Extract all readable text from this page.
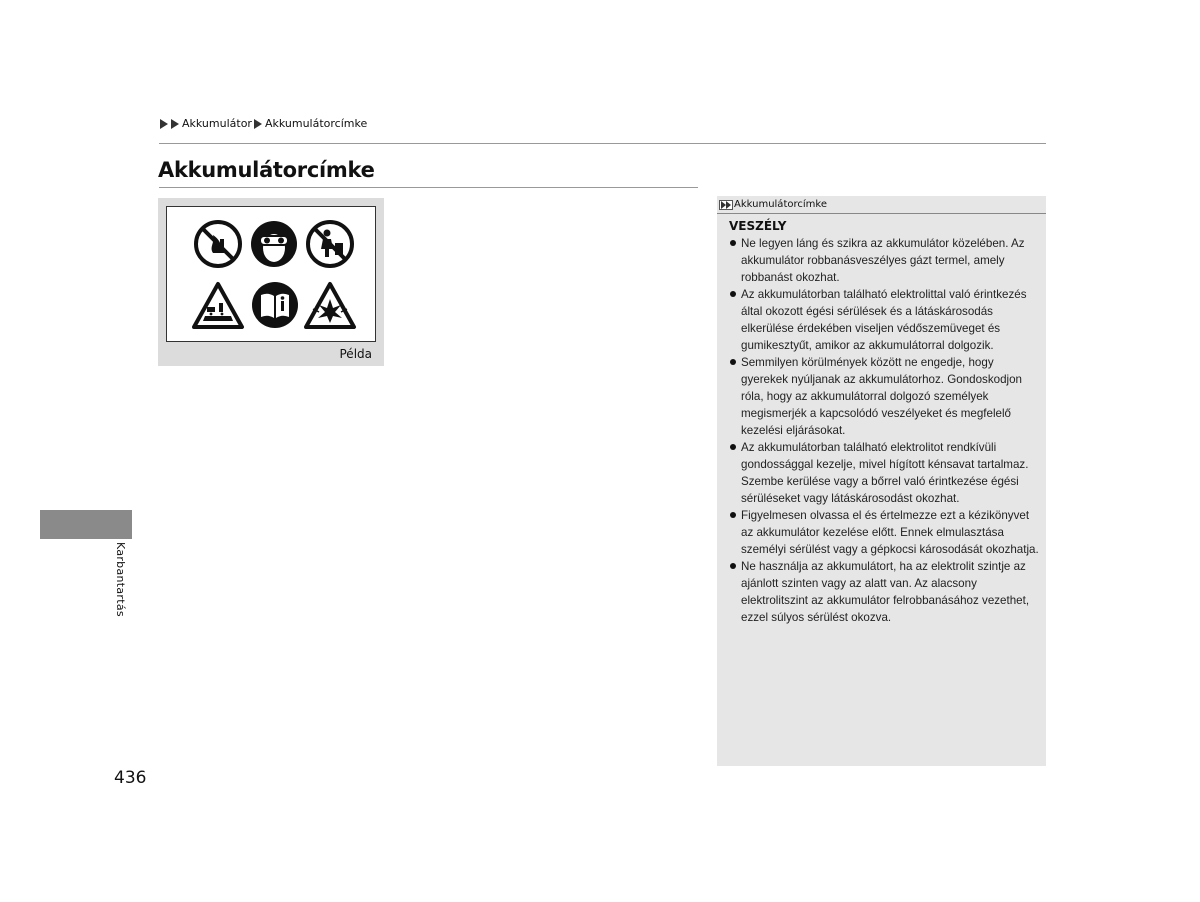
Akkumulátor Akkumulátorcímke
Akkumulátorcímke
Példa
Karbantartás
436
Akkumulátorcímke
VESZÉLY
Ne legyen láng és szikra az akkumulátor közelében. Az akkumulátor robbanásveszélyes gázt termel, amely robbanást okozhat.
Az akkumulátorban található elektrolittal való érintkezés által okozott égési sérülések és a látáskárosodás elkerülése érdekében viseljen védőszemüveget és gumikesztyűt, amikor az akkumulátorral dolgozik.
Semmilyen körülmények között ne engedje, hogy gyerekek nyúljanak az akkumulátorhoz. Gondoskodjon róla, hogy az akkumulátorral dolgozó személyek megismerjék a kapcsolódó veszélyeket és megfelelő kezelési eljárásokat.
Az akkumulátorban található elektrolitot rendkívüli gondossággal kezelje, mivel hígított kénsavat tartalmaz. Szembe kerülése vagy a bőrrel való érintkezése égési sérüléseket vagy látáskárosodást okozhat.
Figyelmesen olvassa el és értelmezze ezt a kézikönyvet az akkumulátor kezelése előtt. Ennek elmulasztása személyi sérülést vagy a gépkocsi károsodását okozhatja.
Ne használja az akkumulátort, ha az elektrolit szintje az ajánlott szinten vagy az alatt van. Az alacsony elektrolitszint az akkumulátor felrobbanásához vezethet, ezzel súlyos sérülést okozva.
